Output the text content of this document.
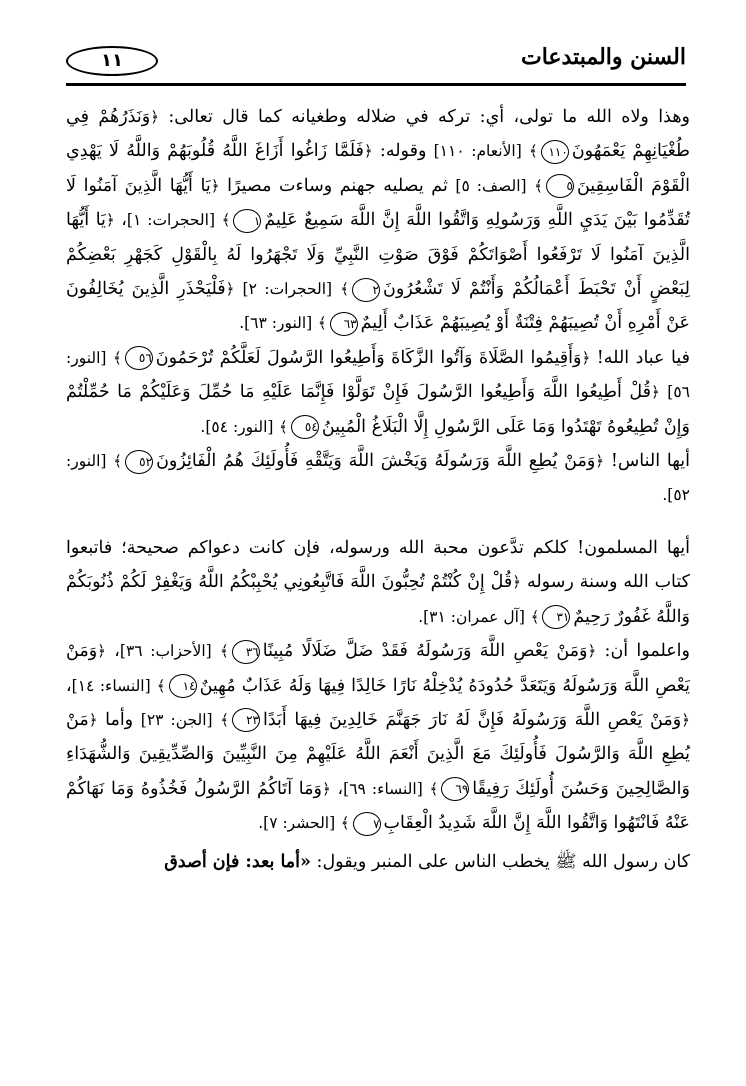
السنن والمبتدعات
١١

وهذا ولاه الله ما تولى، أي: تركه في ضلاله وطغيانه كما قال تعالى: ﴿وَنَذَرُهُمْ فِي طُغْيَانِهِمْ يَعْمَهُونَ١١٠﴾ [الأنعام: ١١٠] وقوله: ﴿فَلَمَّا زَاغُوا أَزَاغَ اللَّهُ قُلُوبَهُمْ وَاللَّهُ لَا يَهْدِي الْقَوْمَ الْفَاسِقِينَ٥﴾ [الصف: ٥] ثم يصليه جهنم وساءت مصيرًا ﴿يَا أَيُّهَا الَّذِينَ آمَنُوا لَا تُقَدِّمُوا بَيْنَ يَدَيِ اللَّهِ وَرَسُولِهِ وَاتَّقُوا اللَّهَ إِنَّ اللَّهَ سَمِيعٌ عَلِيمٌ١﴾ [الحجرات: ١]، ﴿يَا أَيُّهَا الَّذِينَ آمَنُوا لَا تَرْفَعُوا أَصْوَاتَكُمْ فَوْقَ صَوْتِ النَّبِيِّ وَلَا تَجْهَرُوا لَهُ بِالْقَوْلِ كَجَهْرِ بَعْضِكُمْ لِبَعْضٍ أَنْ تَحْبَطَ أَعْمَالُكُمْ وَأَنْتُمْ لَا تَشْعُرُونَ٢﴾ [الحجرات: ٢] ﴿فَلْيَحْذَرِ الَّذِينَ يُخَالِفُونَ عَنْ أَمْرِهِ أَنْ تُصِيبَهُمْ فِتْنَةٌ أَوْ يُصِيبَهُمْ عَذَابٌ أَلِيمٌ٦٣﴾ [النور: ٦٣].

فيا عباد الله! ﴿وَأَقِيمُوا الصَّلَاةَ وَآتُوا الزَّكَاةَ وَأَطِيعُوا الرَّسُولَ لَعَلَّكُمْ تُرْحَمُونَ٥٦﴾ [النور: ٥٦] ﴿قُلْ أَطِيعُوا اللَّهَ وَأَطِيعُوا الرَّسُولَ فَإِنْ تَوَلَّوْا فَإِنَّمَا عَلَيْهِ مَا حُمِّلَ وَعَلَيْكُمْ مَا حُمِّلْتُمْ وَإِنْ تُطِيعُوهُ تَهْتَدُوا وَمَا عَلَى الرَّسُولِ إِلَّا الْبَلَاغُ الْمُبِينُ٥٤﴾ [النور: ٥٤].

أيها الناس! ﴿وَمَنْ يُطِعِ اللَّهَ وَرَسُولَهُ وَيَخْشَ اللَّهَ وَيَتَّقْهِ فَأُولَئِكَ هُمُ الْفَائِزُونَ٥٢﴾ [النور: ٥٢].

أيها المسلمون! كلكم تدَّعون محبة الله ورسوله، فإن كانت دعواكم صحيحة؛ فاتبعوا كتاب الله وسنة رسوله ﴿قُلْ إِنْ كُنْتُمْ تُحِبُّونَ اللَّهَ فَاتَّبِعُونِي يُحْبِبْكُمُ اللَّهُ وَيَغْفِرْ لَكُمْ ذُنُوبَكُمْ وَاللَّهُ غَفُورٌ رَحِيمٌ٣١﴾ [آل عمران: ٣١].

واعلموا أن: ﴿وَمَنْ يَعْصِ اللَّهَ وَرَسُولَهُ فَقَدْ ضَلَّ ضَلَالًا مُبِينًا٣٦﴾ [الأحزاب: ٣٦]، ﴿وَمَنْ يَعْصِ اللَّهَ وَرَسُولَهُ وَيَتَعَدَّ حُدُودَهُ يُدْخِلْهُ نَارًا خَالِدًا فِيهَا وَلَهُ عَذَابٌ مُهِينٌ١٤﴾ [النساء: ١٤]، ﴿وَمَنْ يَعْصِ اللَّهَ وَرَسُولَهُ فَإِنَّ لَهُ نَارَ جَهَنَّمَ خَالِدِينَ فِيهَا أَبَدًا٢٣﴾ [الجن: ٢٣] وأما ﴿مَنْ يُطِعِ اللَّهَ وَالرَّسُولَ فَأُولَئِكَ مَعَ الَّذِينَ أَنْعَمَ اللَّهُ عَلَيْهِمْ مِنَ النَّبِيِّينَ وَالصِّدِّيقِينَ وَالشُّهَدَاءِ وَالصَّالِحِينَ وَحَسُنَ أُولَئِكَ رَفِيقًا٦٩﴾ [النساء: ٦٩]، ﴿وَمَا آتَاكُمُ الرَّسُولُ فَخُذُوهُ وَمَا نَهَاكُمْ عَنْهُ فَانْتَهُوا وَاتَّقُوا اللَّهَ إِنَّ اللَّهَ شَدِيدُ الْعِقَابِ٧﴾ [الحشر: ٧].

كان رسول الله ﷺ يخطب الناس على المنبر ويقول: «أما بعد: فإن أصدق
